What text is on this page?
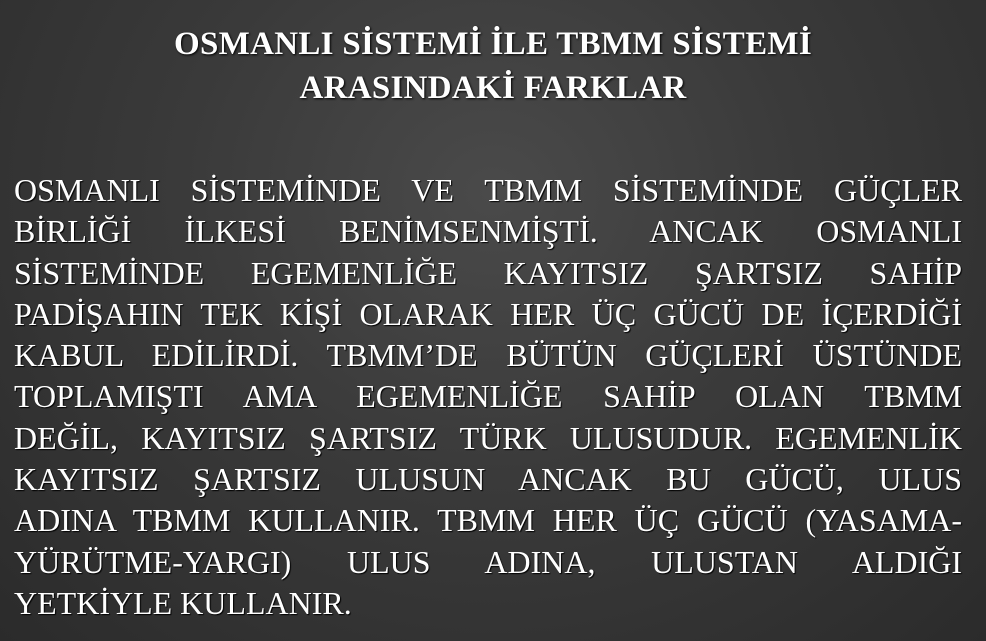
OSMANLI SİSTEMİ İLE TBMM SİSTEMİ
ARASINDAKİ FARKLAR
OSMANLI SİSTEMİNDE VE TBMM SİSTEMİNDE GÜÇLER
BİRLİĞİ İLKESİ BENİMSENMİŞTİ. ANCAK OSMANLI
SİSTEMİNDE EGEMENLİĞE KAYITSIZ ŞARTSIZ SAHİP
PADİŞAHIN TEK KİŞİ OLARAK HER ÜÇ GÜCÜ DE İÇERDİĞİ
KABUL EDİLİRDİ. TBMM’DE BÜTÜN GÜÇLERİ ÜSTÜNDE
TOPLAMIŞTI AMA EGEMENLİĞE SAHİP OLAN TBMM
DEĞİL, KAYITSIZ ŞARTSIZ TÜRK ULUSUDUR. EGEMENLİK
KAYITSIZ ŞARTSIZ ULUSUN ANCAK BU GÜCÜ, ULUS
ADINA TBMM KULLANIR. TBMM HER ÜÇ GÜCÜ (YASAMA-
YÜRÜTME-YARGI) ULUS ADINA, ULUSTAN ALDIĞI
YETKİYLE KULLANIR.
